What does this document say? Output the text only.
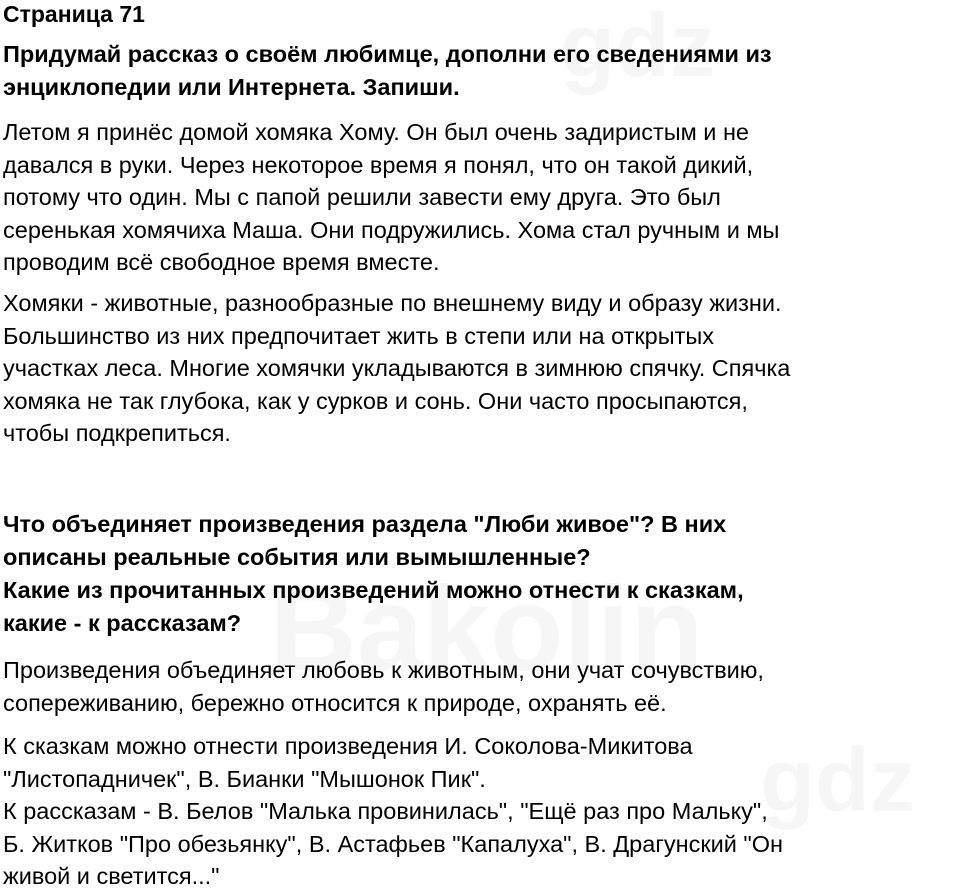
Страница 71
Придумай рассказ о своём любимце, дополни его сведениями из
энциклопедии или Интернета. Запиши.
Летом я принёс домой хомяка Хому. Он был очень задиристым и не
давался в руки. Через некоторое время я понял, что он такой дикий,
потому что один. Мы с папой решили завести ему друга. Это был
серенькая хомячиха Маша. Они подружились. Хома стал ручным и мы
проводим всё свободное время вместе.
Хомяки - животные, разнообразные по внешнему виду и образу жизни.
Большинство из них предпочитает жить в степи или на открытых
участках леса. Многие хомячки укладываются в зимнюю спячку. Спячка
хомяка не так глубока, как у сурков и сонь. Они часто просыпаются,
чтобы подкрепиться.
Что объединяет произведения раздела "Люби живое"? В них
описаны реальные события или вымышленные?
Какие из прочитанных произведений можно отнести к сказкам,
какие - к рассказам?
Произведения объединяет любовь к животным, они учат сочувствию,
сопереживанию, бережно относится к природе, охранять её.
К сказкам можно отнести произведения И. Соколова-Микитова
"Листопадничек", В. Бианки "Мышонок Пик".
К рассказам - В. Белов "Малька провинилась", "Ещё раз про Мальку",
Б. Житков "Про обезьянку", В. Астафьев "Капалуха", В. Драгунский "Он
живой и светится..."
